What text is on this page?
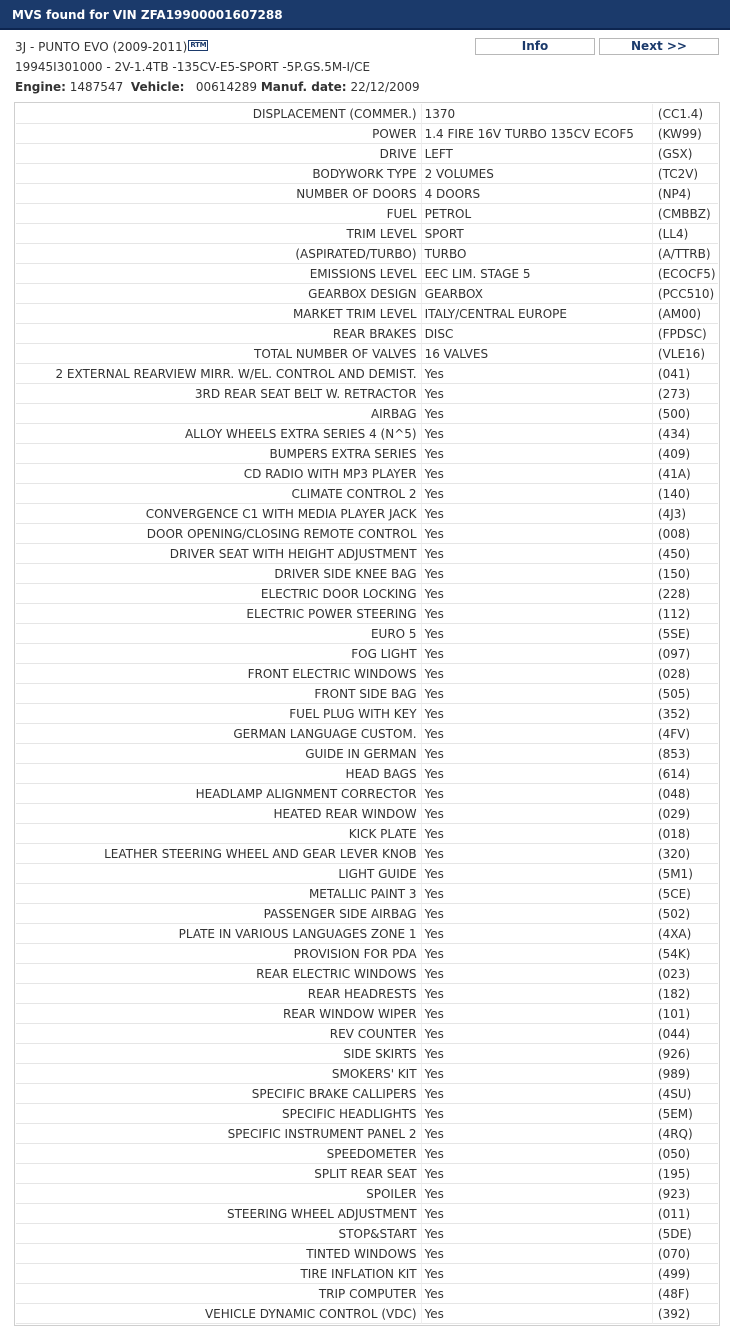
MVS found for VIN ZFA19900001607288
3J - PUNTO EVO (2009-2011) RTM
19945I301000 - 2V-1.4TB -135CV-E5-SPORT -5P.GS.5M-I/CE
Engine: 1487547 Vehicle: 00614289 Manuf. date: 22/12/2009
Info	Next >>
DISPLACEMENT (COMMER.)	1370	(CC1.4)
POWER	1.4 FIRE 16V TURBO 135CV ECOF5	(KW99)
DRIVE	LEFT	(GSX)
BODYWORK TYPE	2 VOLUMES	(TC2V)
NUMBER OF DOORS	4 DOORS	(NP4)
FUEL	PETROL	(CMBBZ)
TRIM LEVEL	SPORT	(LL4)
(ASPIRATED/TURBO)	TURBO	(A/TTRB)
EMISSIONS LEVEL	EEC LIM. STAGE 5	(ECOCF5)
GEARBOX DESIGN	GEARBOX	(PCC510)
MARKET TRIM LEVEL	ITALY/CENTRAL EUROPE	(AM00)
REAR BRAKES	DISC	(FPDSC)
TOTAL NUMBER OF VALVES	16 VALVES	(VLE16)
2 EXTERNAL REARVIEW MIRR. W/EL. CONTROL AND DEMIST.	Yes	(041)
3RD REAR SEAT BELT W. RETRACTOR	Yes	(273)
AIRBAG	Yes	(500)
ALLOY WHEELS EXTRA SERIES 4 (N^5)	Yes	(434)
BUMPERS EXTRA SERIES	Yes	(409)
CD RADIO WITH MP3 PLAYER	Yes	(41A)
CLIMATE CONTROL 2	Yes	(140)
CONVERGENCE C1 WITH MEDIA PLAYER JACK	Yes	(4J3)
DOOR OPENING/CLOSING REMOTE CONTROL	Yes	(008)
DRIVER SEAT WITH HEIGHT ADJUSTMENT	Yes	(450)
DRIVER SIDE KNEE BAG	Yes	(150)
ELECTRIC DOOR LOCKING	Yes	(228)
ELECTRIC POWER STEERING	Yes	(112)
EURO 5	Yes	(5SE)
FOG LIGHT	Yes	(097)
FRONT ELECTRIC WINDOWS	Yes	(028)
FRONT SIDE BAG	Yes	(505)
FUEL PLUG WITH KEY	Yes	(352)
GERMAN LANGUAGE CUSTOM.	Yes	(4FV)
GUIDE IN GERMAN	Yes	(853)
HEAD BAGS	Yes	(614)
HEADLAMP ALIGNMENT CORRECTOR	Yes	(048)
HEATED REAR WINDOW	Yes	(029)
KICK PLATE	Yes	(018)
LEATHER STEERING WHEEL AND GEAR LEVER KNOB	Yes	(320)
LIGHT GUIDE	Yes	(5M1)
METALLIC PAINT 3	Yes	(5CE)
PASSENGER SIDE AIRBAG	Yes	(502)
PLATE IN VARIOUS LANGUAGES ZONE 1	Yes	(4XA)
PROVISION FOR PDA	Yes	(54K)
REAR ELECTRIC WINDOWS	Yes	(023)
REAR HEADRESTS	Yes	(182)
REAR WINDOW WIPER	Yes	(101)
REV COUNTER	Yes	(044)
SIDE SKIRTS	Yes	(926)
SMOKERS' KIT	Yes	(989)
SPECIFIC BRAKE CALLIPERS	Yes	(4SU)
SPECIFIC HEADLIGHTS	Yes	(5EM)
SPECIFIC INSTRUMENT PANEL 2	Yes	(4RQ)
SPEEDOMETER	Yes	(050)
SPLIT REAR SEAT	Yes	(195)
SPOILER	Yes	(923)
STEERING WHEEL ADJUSTMENT	Yes	(011)
STOP&START	Yes	(5DE)
TINTED WINDOWS	Yes	(070)
TIRE INFLATION KIT	Yes	(499)
TRIP COMPUTER	Yes	(48F)
VEHICLE DYNAMIC CONTROL (VDC)	Yes	(392)
